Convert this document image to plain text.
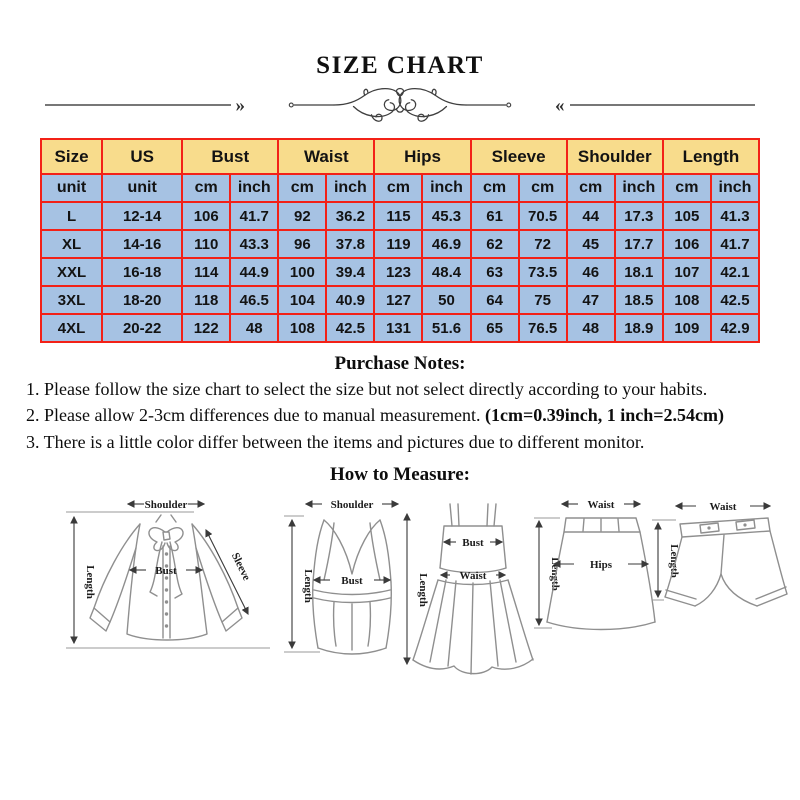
SIZE CHART
»	«
Size	US	Bust		Waist		Hips		Sleeve		Shoulder		Length	
unit	unit	cm	inch	cm	inch	cm	inch	cm	cm	cm	inch	cm	inch
L	12-14	106	41.7	92	36.2	115	45.3	61	70.5	44	17.3	105	41.3
XL	14-16	110	43.3	96	37.8	119	46.9	62	72	45	17.7	106	41.7
XXL	16-18	114	44.9	100	39.4	123	48.4	63	73.5	46	18.1	107	42.1
3XL	18-20	118	46.5	104	40.9	127	50	64	75	47	18.5	108	42.5
4XL	20-22	122	48	108	42.5	131	51.6	65	76.5	48	18.9	109	42.9
Purchase Notes:
1. Please follow the size chart to select the size but not select directly according to your habits.
2. Please allow 2-3cm differences due to manual measurement. (1cm=0.39inch, 1 inch=2.54cm)
3. There is a little color differ between the items and pictures due to different monitor.
How to Measure:
Length
Shoulder
Bust	Sleeve
Shoulder
Length Bust	Length
Bust
Waist
Waist
Length	Hips
Waist
Length
